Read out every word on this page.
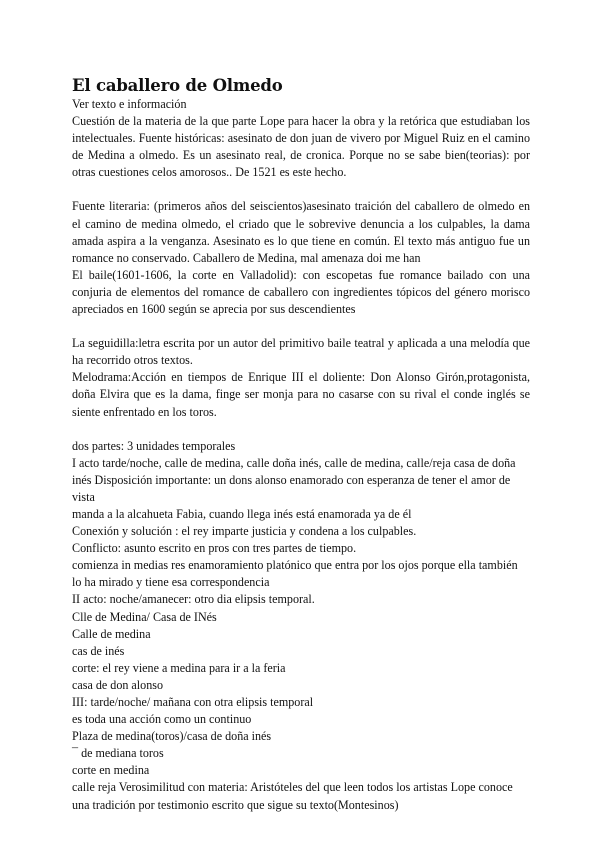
El caballero de Olmedo

Ver texto e información

Cuestión de la materia de la que parte Lope para hacer la obra y la retórica que estudiaban los intelectuales. Fuente históricas: asesinato de don juan de vivero por Miguel Ruiz en el camino de Medina a olmedo. Es un asesinato real, de cronica. Porque no se sabe bien(teorias): por otras cuestiones celos amorosos.. De 1521 es este hecho.

Fuente literaria: (primeros años del seiscientos)asesinato traición del caballero de olmedo en el camino de medina olmedo, el criado que le sobrevive denuncia a los culpables, la dama amada aspira a la venganza. Asesinato es lo que tiene en común. El texto más antiguo fue un romance no conservado. Caballero de Medina, mal amenaza doi me han

El baile(1601-1606, la corte en Valladolid): con escopetas fue romance bailado con una conjuria de elementos del romance de caballero con ingredientes tópicos del género morisco apreciados en 1600 según se aprecia por sus descendientes

La seguidilla:letra escrita por un autor del primitivo baile teatral y aplicada a una melodía que ha recorrido otros textos.

Melodrama:Acción en tiempos de Enrique III el doliente: Don Alonso Girón,protagonista, doña Elvira que es la dama, finge ser monja para no casarse con su rival el conde inglés se siente enfrentado en los toros.

dos partes: 3 unidades temporales

I acto tarde/noche, calle de medina, calle doña inés, calle de medina, calle/reja casa de doña inés Disposición importante: un dons alonso enamorado con esperanza de tener el amor de vista

manda a la alcahueta Fabia, cuando llega inés está enamorada ya de él

Conexión y solución : el rey imparte justicia y condena a los culpables.

Conflicto: asunto escrito en pros con tres partes de tiempo.

comienza in medias res enamoramiento platónico que entra por los ojos porque ella también lo ha mirado y tiene esa correspondencia

II acto: noche/amanecer: otro dia elipsis temporal.

Clle de Medina/ Casa de INés

Calle de medina

cas de inés

corte: el rey viene a medina para ir a la feria

casa de don alonso

III: tarde/noche/ mañana con otra elipsis temporal

es toda una acción como un continuo

Plaza de medina(toros)/casa de doña inés

¯ de mediana toros

corte en medina

calle reja Verosimilitud con materia: Aristóteles del que leen todos los artistas Lope conoce una tradición por testimonio escrito que sigue su texto(Montesinos)
